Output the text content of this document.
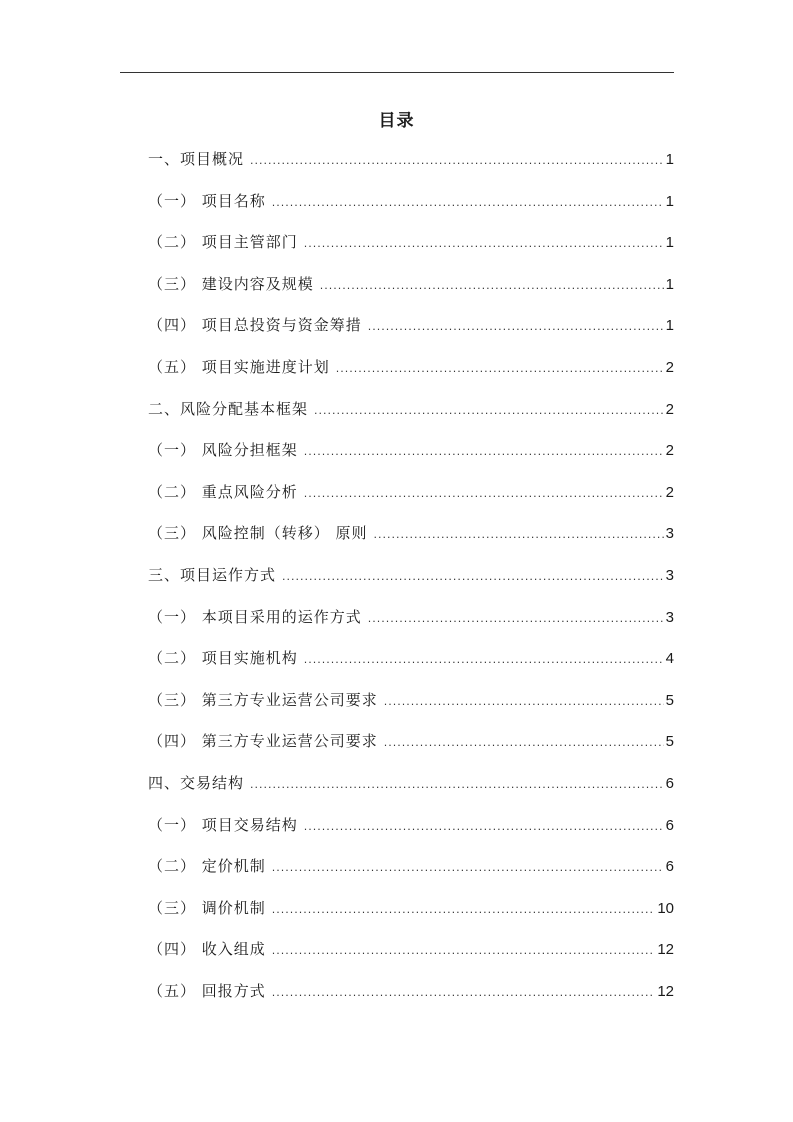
目录
一、项目概况 .....	1
（一） 项目名称 .....	1
（二） 项目主管部门 .....	1
（三） 建设内容及规模 .....	1
（四） 项目总投资与资金筹措 .....	1
（五） 项目实施进度计划 .....	2
二、风险分配基本框架 .....	2
（一） 风险分担框架 .....	2
（二） 重点风险分析 .....	2
（三） 风险控制（转移） 原则 .....	3
三、项目运作方式 .....	3
（一） 本项目采用的运作方式 .....	3
（二） 项目实施机构 .....	4
（三） 第三方专业运营公司要求 .....	5
（四） 第三方专业运营公司要求 .....	5
四、交易结构 .....	6
（一） 项目交易结构 .....	6
（二） 定价机制 .....	6
（三） 调价机制 .....	10
（四） 收入组成 .....	12
（五） 回报方式 .....	12
